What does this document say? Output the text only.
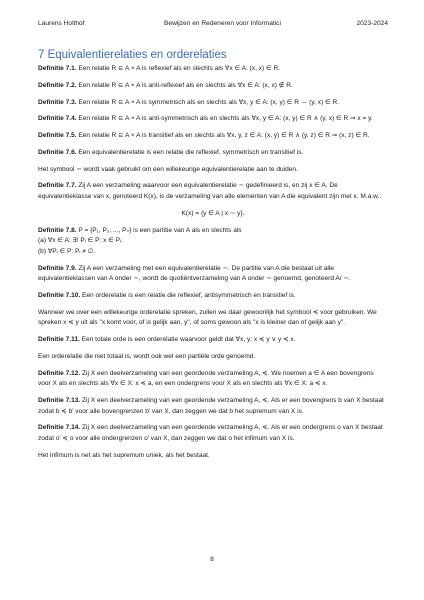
Laurens Holthof	Bewijzen en Redeneren voor Informatici	2023-2024
7 Equivalentierelaties en orderelaties

Definitie 7.1. Een relatie R ⊆ A × A is reflexief als en slechts als ∀x ∈ A: (x, x) ∈ R.

Definitie 7.2. Een relatie R ⊆ A × A is anti-reflexief als en slechts als ∀x ∈ A: (x, x) ∉ R.

Definitie 7.3. Een relatie R ⊆ A × A is symmetrisch als en slechts als ∀x, y ∈ A: (x, y) ∈ R ⇔ (y, x) ∈ R.

Definitie 7.4. Een relatie R ⊆ A × A is anti-symmetrisch als en slechts als ∀x, y ∈ A: (x, y) ∈ R ∧ (y, x) ∈ R ⇒ x = y.

Definitie 7.5. Een relatie R ⊆ A × A is transitief als en slechts als ∀x, y, z ∈ A: (x, y) ∈ R ∧ (y, z) ∈ R ⇒ (x, z) ∈ R.

Definitie 7.6. Een equivalentierelatie is een relatie die reflexief, symmetrisch en transitief is.

Het symbool ∼ wordt vaak gebruikt om een willekeurige equivalentierelatie aan te duiden.

Definitie 7.7. Zij A een verzameling waarvoor een equivalentierelatie ∼ gedefinieerd is, en zij x ∈ A. De equivalentieklasse van x, genoteerd K(x), is de verzameling van alle elementen van A die equivalent zijn met x. M.a.w.:

K(x) = {y ∈ A | x ∼ y}.

Definitie 7.8. P = {P₁, P₂, ..., Pₙ} is een partitie van A als en slechts als

(a) ∀x ∈ A: ∃! Pᵢ ∈ P: x ∈ Pᵢ.

(b) ∀Pᵢ ∈ P: Pᵢ ≠ ∅.

Definitie 7.9. Zij A een verzameling met een equivalentierelatie ∼. De partitie van A die bestaat uit alle equivalentieklassen van A onder ∼, wordt de quotiëntverzameling van A onder ∼ genoemd, genoteerd A/ ∼.

Definitie 7.10. Een orderelatie is een relatie die reflexief, antisymmetrisch en transitief is.

Wanneer we over een willekeurige orderelatie spreken, zullen we daar gewoonlijk het symbool ≼ voor gebruiken. We spreken x ≼ y uit als "x komt voor, of is gelijk aan, y", of soms gewoon als "x is kleiner dan of gelijk aan y".

Definitie 7.11. Een totale orde is een orderelatie waarvoor geldt dat ∀x, y: x ≼ y ∨ y ≼ x.

Een orderelatie die niet totaal is, wordt ook wel een partiële orde genoemd.

Definitie 7.12. Zij X een deelverzameling van een geordende verzameling A, ≼. We noemen a ∈ A een bovengrens voor X als en slechts als ∀x ∈ X: x ≼ a, en een ondergrens voor X als en slechts als ∀x ∈ X: a ≼ x.

Definitie 7.13. Zij X een deelverzameling van een geordende verzameling A, ≼. Als er een bovengrens b van X bestaat zodat b ≼ b' voor alle bovengrenzen b' van X, dan zeggen we dat b het supremum van X is.

Definitie 7.14. Zij X een deelverzameling van een geordende verzameling A, ≼. Als er een ondergrens o van X bestaat zodat o' ≼ o voor alle ondergrenzen o' van X, dan zeggen we dat o het infimum van X is.

Het infimum is net als het supremum uniek, als het bestaat.

8
